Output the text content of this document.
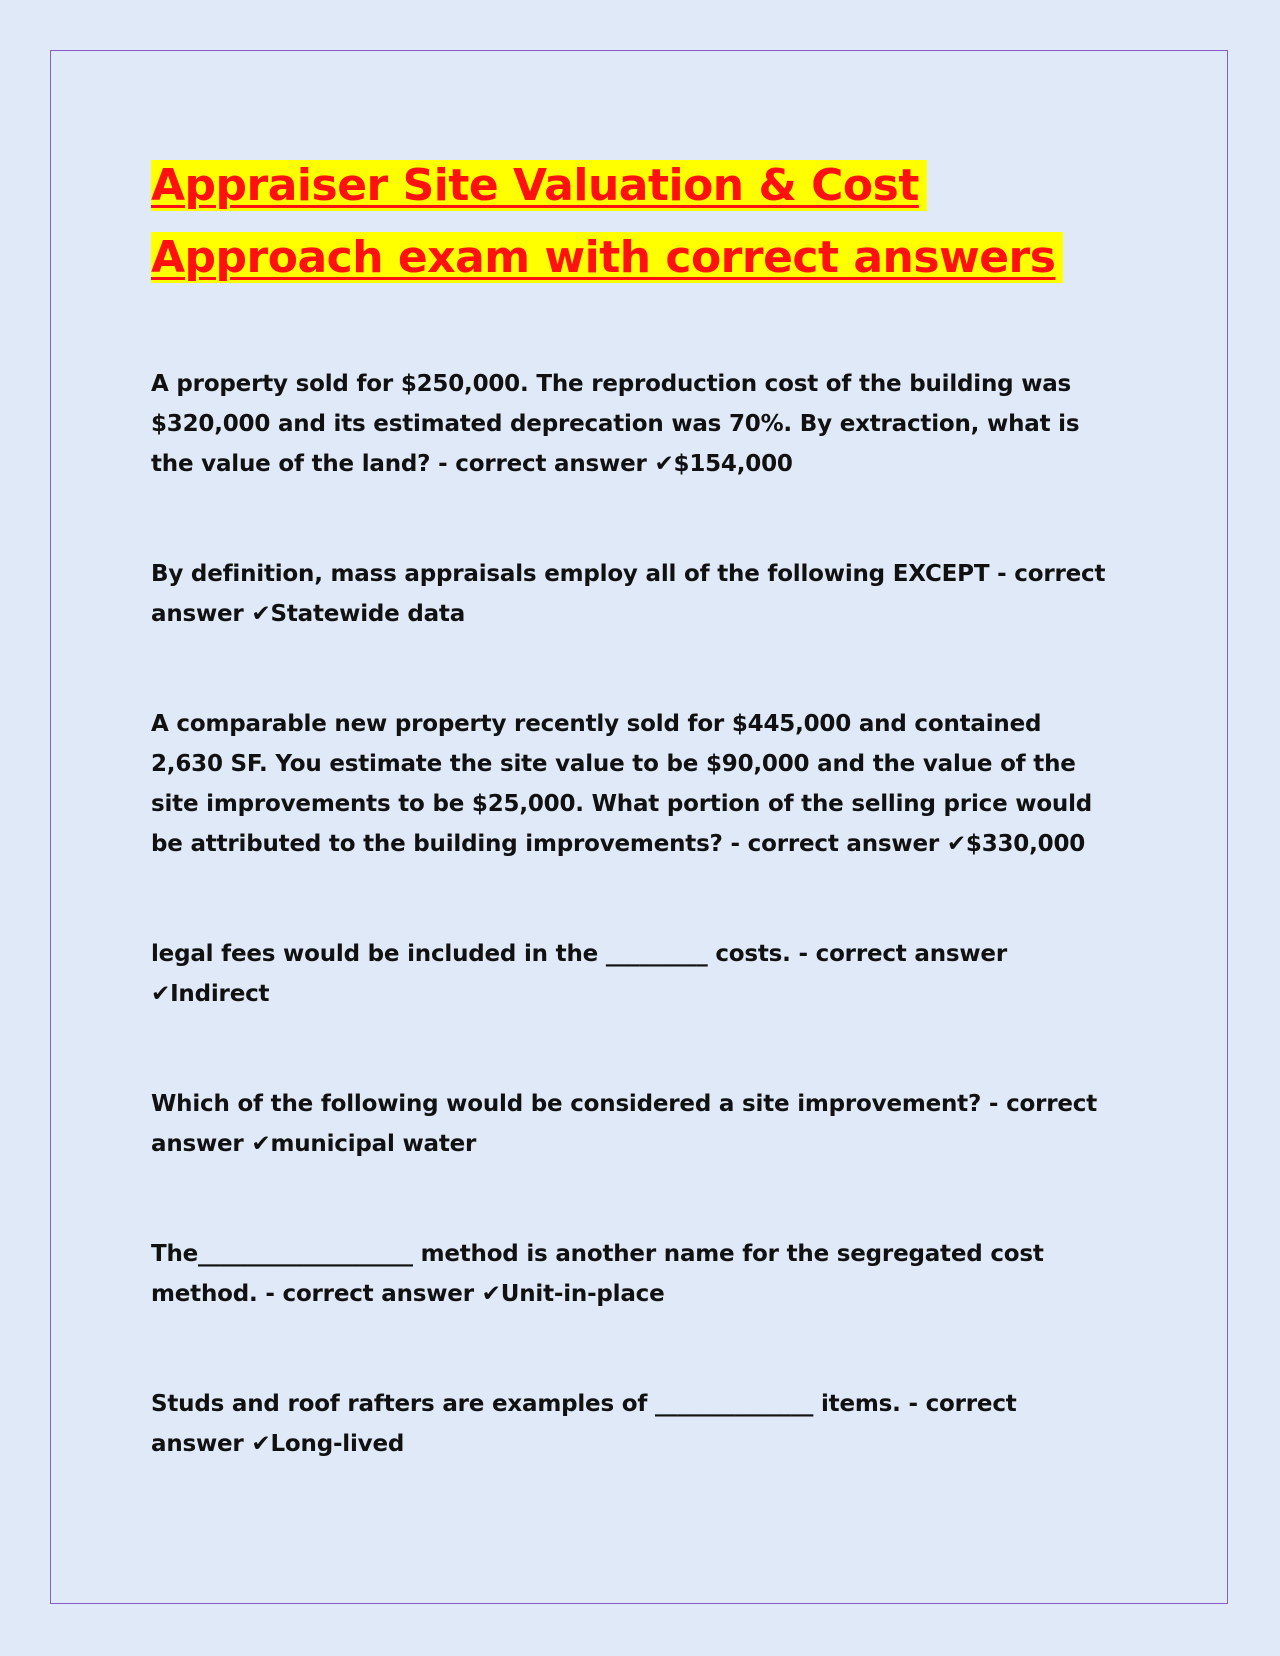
Appraiser Site Valuation & Cost Approach exam with correct answers

A property sold for $250,000. The reproduction cost of the building was $320,000 and its estimated deprecation was 70%. By extraction, what is the value of the land? - correct answer ✔$154,000

By definition, mass appraisals employ all of the following EXCEPT - correct answer ✔Statewide data

A comparable new property recently sold for $445,000 and contained 2,630 SF. You estimate the site value to be $90,000 and the value of the site improvements to be $25,000. What portion of the selling price would be attributed to the building improvements? - correct answer ✔$330,000

legal fees would be included in the _________ costs. - correct answer ✔Indirect

Which of the following would be considered a site improvement? - correct answer ✔municipal water

The___________________ method is another name for the segregated cost method. - correct answer ✔Unit-in-place

Studs and roof rafters are examples of ______________ items. - correct answer ✔Long-lived
